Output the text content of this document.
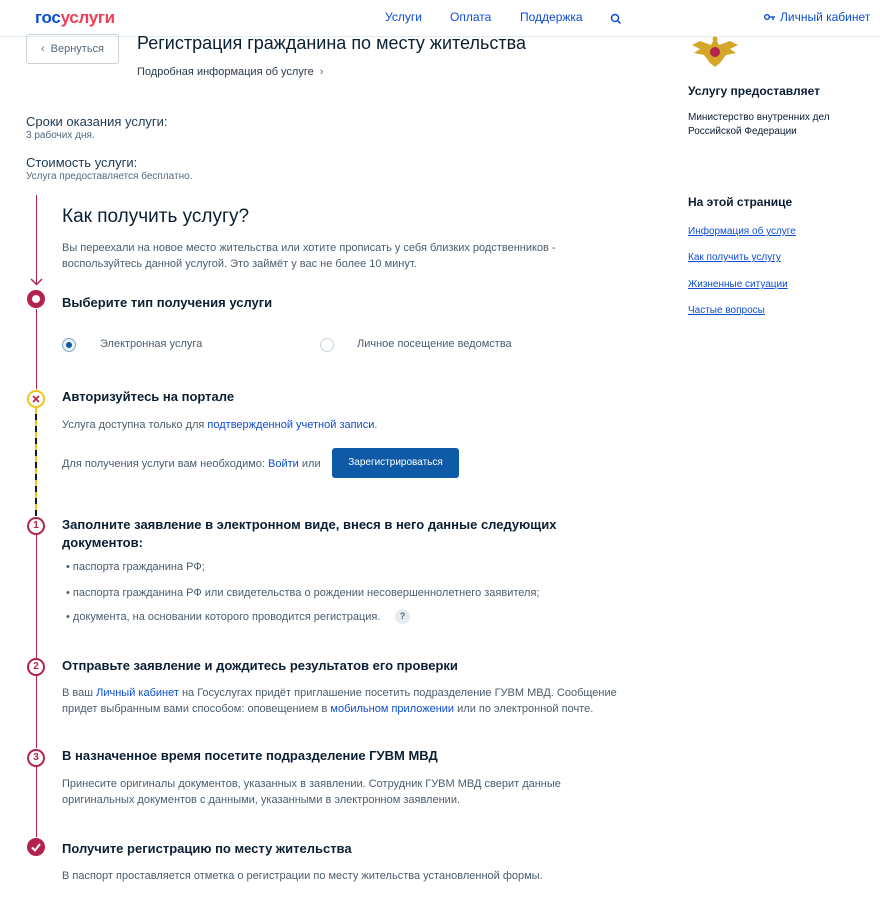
госуслуги	Услуги Оплата Поддержка	Личный кабинет
‹ Вернуться	Регистрация гражданина по месту жительства
Подробная информация об услуге ›
Сроки оказания услуги:
3 рабочих дня.
Стоимость услуги:
Услуга предоставляется бесплатно.
Как получить услугу?
Вы переехали на новое место жительства или хотите прописать у себя близких родственников -
воспользуйтесь данной услугой. Это займёт у вас не более 10 минут.
Выберите тип получения услуги
Электронная услуга	Личное посещение ведомства
Авторизуйтесь на портале
Услуга доступна только для подтвержденной учетной записи.
Для получения услуги вам необходимо: Войти или	Зарегистрироваться
1	Заполните заявление в электронном виде, внеся в него данные следующих
документов:
• паспорта гражданина РФ;
• паспорта гражданина РФ или свидетельства о рождении несовершеннолетнего заявителя;
• документа, на основании которого проводится регистрация.	?
2	Отправьте заявление и дождитесь результатов его проверки
В ваш Личный кабинет на Госуслугах придёт приглашение посетить подразделение ГУВМ МВД. Сообщение
придет выбранным вами способом: оповещением в мобильном приложении или по электронной почте.
3	В назначенное время посетите подразделение ГУВМ МВД
Принесите оригиналы документов, указанных в заявлении. Сотрудник ГУВМ МВД сверит данные
оригинальных документов с данными, указанными в электронном заявлении.
Получите регистрацию по месту жительства
В паспорт проставляется отметка о регистрации по месту жительства установленной формы.
Услугу предоставляет
Министерство внутренних дел
Российской Федерации
На этой странице
Информация об услуге
Как получить услугу
Жизненные ситуации
Частые вопросы
